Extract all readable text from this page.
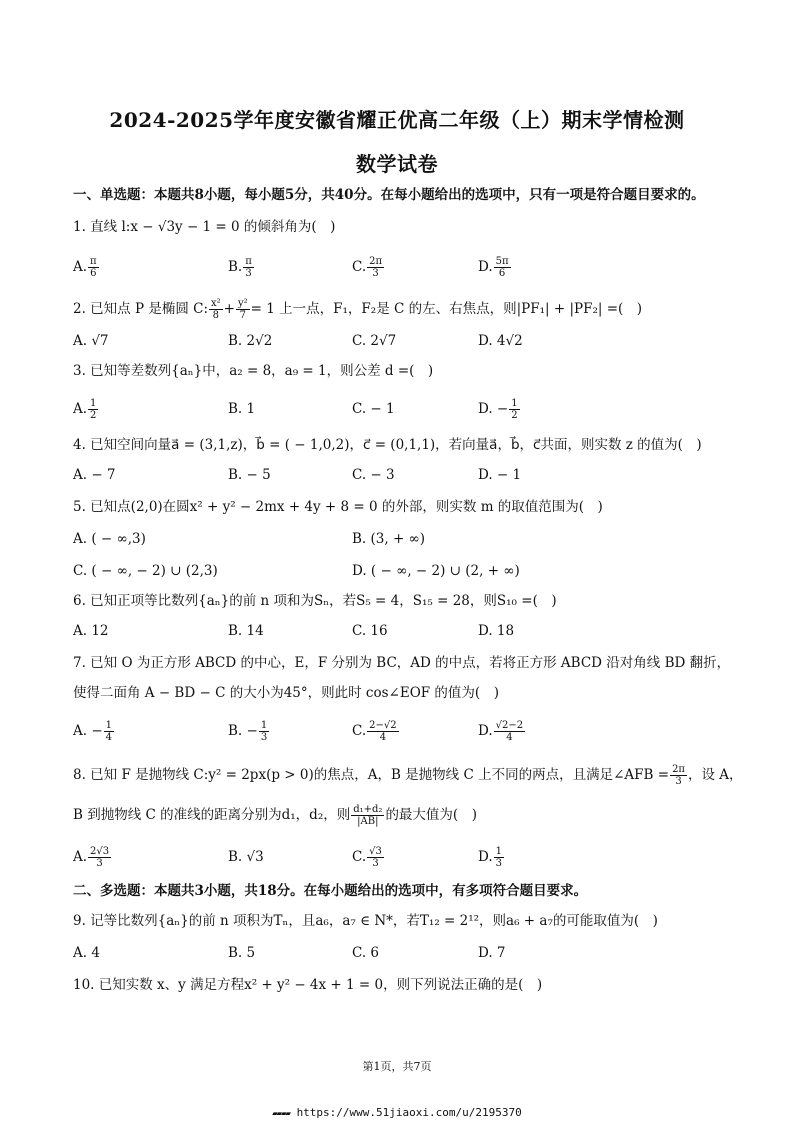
2024-2025学年度安徽省耀正优高二年级（上）期末学情检测
数学试卷
一、单选题：本题共8小题，每小题5分，共40分。在每小题给出的选项中，只有一项是符合题目要求的。
1. 直线 l:x − √3y − 1 = 0 的倾斜角为(　)
A. $\frac{\pi}{6}$	B. $\frac{\pi}{3}$	C. $\frac{2\pi}{3}$	D. $\frac{5\pi}{6}$
2. 已知点 P 是椭圆 C: $\frac{\text{x²}}{8} + \frac{\text{y²}}{7} = 1$ 上一点，F₁，F₂是 C 的左、右焦点，则|PF₁| + |PF₂| =(　)
A. √7	B. 2√2	C. 2√7	D. 4√2
3. 已知等差数列{aₙ}中，a₂ = 8，a₉ = 1，则公差 d =(　)
A. $\frac{1}{2}$	B. 1	C. − 1	D. − $\frac{1}{2}$
4. 已知空间向量a⃗ = (3,1,z)，b⃗ = ( − 1,0,2)，c⃗ = (0,1,1)，若向量a⃗，b⃗，c⃗共面，则实数 z 的值为(　)
A. − 7	B. − 5	C. − 3	D. − 1
5. 已知点(2,0)在圆x² + y² − 2mx + 4y + 8 = 0 的外部，则实数 m 的取值范围为(　)
A. ( − ∞,3)	B. (3, + ∞)
C. ( − ∞, − 2) ∪ (2,3)	D. ( − ∞, − 2) ∪ (2, + ∞)
6. 已知正项等比数列{aₙ}的前 n 项和为Sₙ，若S₅ = 4，S₁₅ = 28，则S₁₀ =(　)
A. 12	B. 14	C. 16	D. 18
7. 已知 O 为正方形 ABCD 的中心，E，F 分别为 BC，AD 的中点，若将正方形 ABCD 沿对角线 BD 翻折，
使得二面角 A − BD − C 的大小为45°，则此时 cos∠EOF 的值为(　)
A. − $\frac{1}{4}$	B. − $\frac{1}{3}$	C. $\frac{2-√2}{4}$	D. $\frac{√2-2}{4}$
8. 已知 F 是抛物线 C:y² = 2px(p > 0)的焦点，A，B 是抛物线 C 上不同的两点，且满足∠AFB = $\frac{2\pi}{3}$ ，设 A，
B 到抛物线 C 的准线的距离分别为d₁，d₂，则 $\frac{\text{d₁+d₂}}{|AB|}$ 的最大值为(　)
A. $\frac{2√3}{3}$	B. √3	C. $\frac{√3}{3}$	D. $\frac{1}{3}$
二、多选题：本题共3小题，共18分。在每小题给出的选项中，有多项符合题目要求。
9. 记等比数列{aₙ}的前 n 项积为Tₙ，且a₆，a₇ ∈ N*，若T₁₂ = 2¹²，则a₆ + a₇的可能取值为(　)
A. 4	B. 5	C. 6	D. 7
10. 已知实数 x、y 满足方程x² + y² − 4x + 1 = 0，则下列说法正确的是(　)
第1页，共7页
▰▰▰▰ https://www.51jiaoxi.com/u/2195370
